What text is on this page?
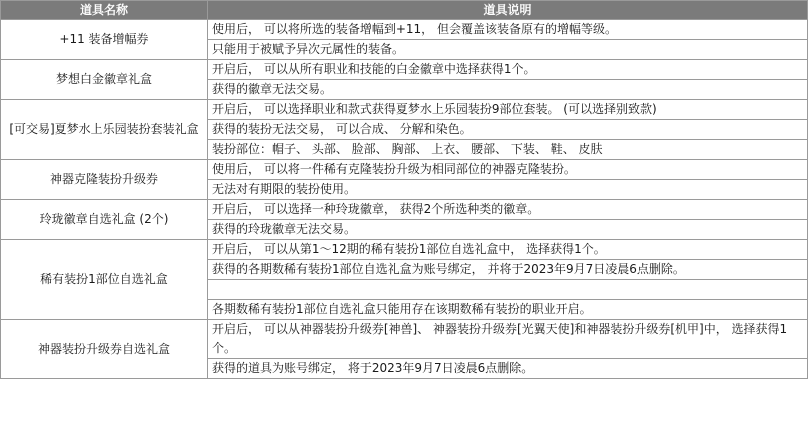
道具名称	道具说明
+11 装备增幅券	使用后， 可以将所选的装备增幅到+11， 但会覆盖该装备原有的增幅等级。
	只能用于被赋予异次元属性的装备。
梦想白金徽章礼盒	开启后， 可以从所有职业和技能的白金徽章中选择获得1个。
	获得的徽章无法交易。
[可交易]夏梦水上乐园装扮套装礼盒	开启后， 可以选择职业和款式获得夏梦水上乐园装扮9部位套装。 (可以选择别致款)
	获得的装扮无法交易， 可以合成、 分解和染色。
	装扮部位：帽子、 头部、 脸部、 胸部、 上衣、 腰部、 下装、 鞋、 皮肤
神器克隆装扮升级券	使用后， 可以将一件稀有克隆装扮升级为相同部位的神器克隆装扮。
	无法对有期限的装扮使用。
玲珑徽章自选礼盒 (2个)	开启后， 可以选择一种玲珑徽章， 获得2个所选种类的徽章。
	获得的玲珑徽章无法交易。
稀有装扮1部位自选礼盒	开启后， 可以从第1～12期的稀有装扮1部位自选礼盒中， 选择获得1个。
	获得的各期数稀有装扮1部位自选礼盒为账号绑定， 并将于2023年9月7日凌晨6点删除。

	各期数稀有装扮1部位自选礼盒只能用存在该期数稀有装扮的职业开启。
神器装扮升级券自选礼盒	开启后， 可以从神器装扮升级券[神兽]、 神器装扮升级券[光翼天使]和神器装扮升级券[机甲]中， 选择获得1个。
	获得的道具为账号绑定， 将于2023年9月7日凌晨6点删除。
